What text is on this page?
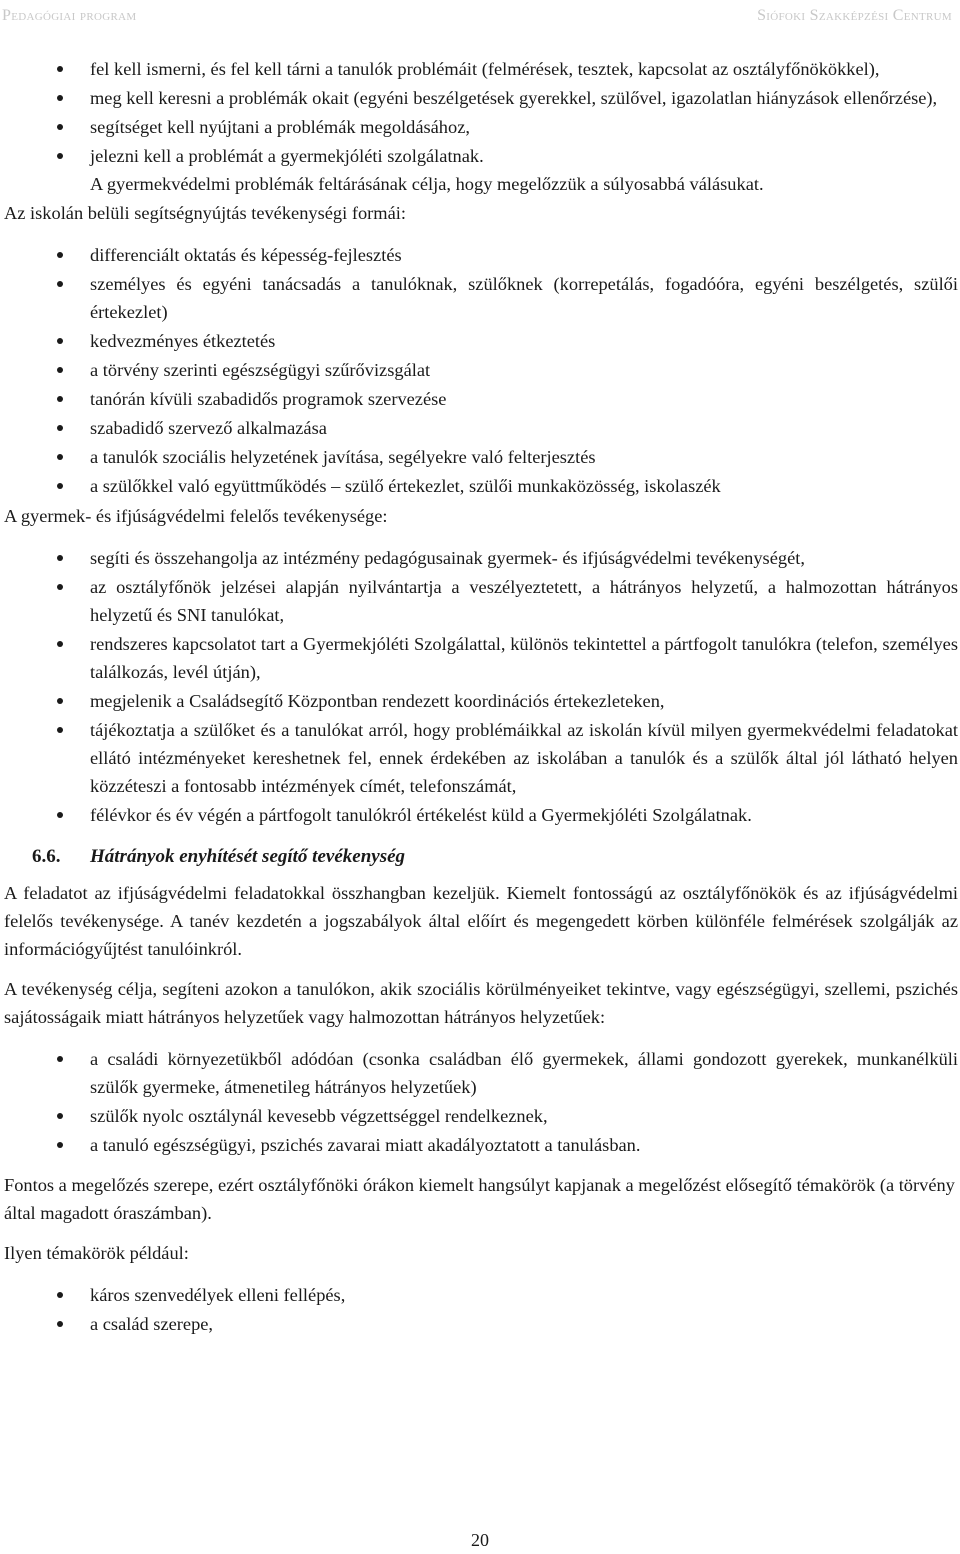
Pedagógiai program	Siófoki Szakképzési Centrum
fel kell ismerni, és fel kell tárni a tanulók problémáit (felmérések, tesztek, kapcsolat az osztályfőnökökkel),
meg kell keresni a problémák okait (egyéni beszélgetések gyerekkel, szülővel, igazolatlan hiányzások ellenőrzése),
segítséget kell nyújtani a problémák megoldásához,
jelezni kell a problémát a gyermekjóléti szolgálatnak.

A gyermekvédelmi problémák feltárásának célja, hogy megelőzzük a súlyosabbá válásukat.

Az iskolán belüli segítségnyújtás tevékenységi formái:

differenciált oktatás és képesség-fejlesztés
személyes és egyéni tanácsadás a tanulóknak, szülőknek (korrepetálás, fogadóóra, egyéni beszélgetés, szülői értekezlet)
kedvezményes étkeztetés
a törvény szerinti egészségügyi szűrővizsgálat
tanórán kívüli szabadidős programok szervezése
szabadidő szervező alkalmazása
a tanulók szociális helyzetének javítása, segélyekre való felterjesztés
a szülőkkel való együttműködés – szülő értekezlet, szülői munkaközösség, iskolaszék

A gyermek- és ifjúságvédelmi felelős tevékenysége:

segíti és összehangolja az intézmény pedagógusainak gyermek- és ifjúságvédelmi tevékenységét,
az osztályfőnök jelzései alapján nyilvántartja a veszélyeztetett, a hátrányos helyzetű, a halmozottan hátrányos helyzetű és SNI tanulókat,
rendszeres kapcsolatot tart a Gyermekjóléti Szolgálattal, különös tekintettel a pártfogolt tanulókra (telefon, személyes találkozás, levél útján),
megjelenik a Családsegítő Központban rendezett koordinációs értekezleteken,
tájékoztatja a szülőket és a tanulókat arról, hogy problémáikkal az iskolán kívül milyen gyermekvédelmi feladatokat ellátó intézményeket kereshetnek fel, ennek érdekében az iskolában a tanulók és a szülők által jól látható helyen közzéteszi a fontosabb intézmények címét, telefonszámát,
félévkor és év végén a pártfogolt tanulókról értékelést küld a Gyermekjóléti Szolgálatnak.
6.6.	Hátrányok enyhítését segítő tevékenység

A feladatot az ifjúságvédelmi feladatokkal összhangban kezeljük. Kiemelt fontosságú az osztályfőnökök és az ifjúságvédelmi felelős tevékenysége. A tanév kezdetén a jogszabályok által előírt és megengedett körben különféle felmérések szolgálják az információgyűjtést tanulóinkról.

A tevékenység célja, segíteni azokon a tanulókon, akik szociális körülményeiket tekintve, vagy egészségügyi, szellemi, pszichés sajátosságaik miatt hátrányos helyzetűek vagy halmozottan hátrányos helyzetűek:

a családi környezetükből adódóan (csonka családban élő gyermekek, állami gondozott gyerekek, munkanélküli szülők gyermeke, átmenetileg hátrányos helyzetűek)
szülők nyolc osztálynál kevesebb végzettséggel rendelkeznek,
a tanuló egészségügyi, pszichés zavarai miatt akadályoztatott a tanulásban.

Fontos a megelőzés szerepe, ezért osztályfőnöki órákon kiemelt hangsúlyt kapjanak a megelőzést elősegítő témakörök (a törvény által magadott óraszámban).

Ilyen témakörök például:

káros szenvedélyek elleni fellépés,
a család szerepe,
20
